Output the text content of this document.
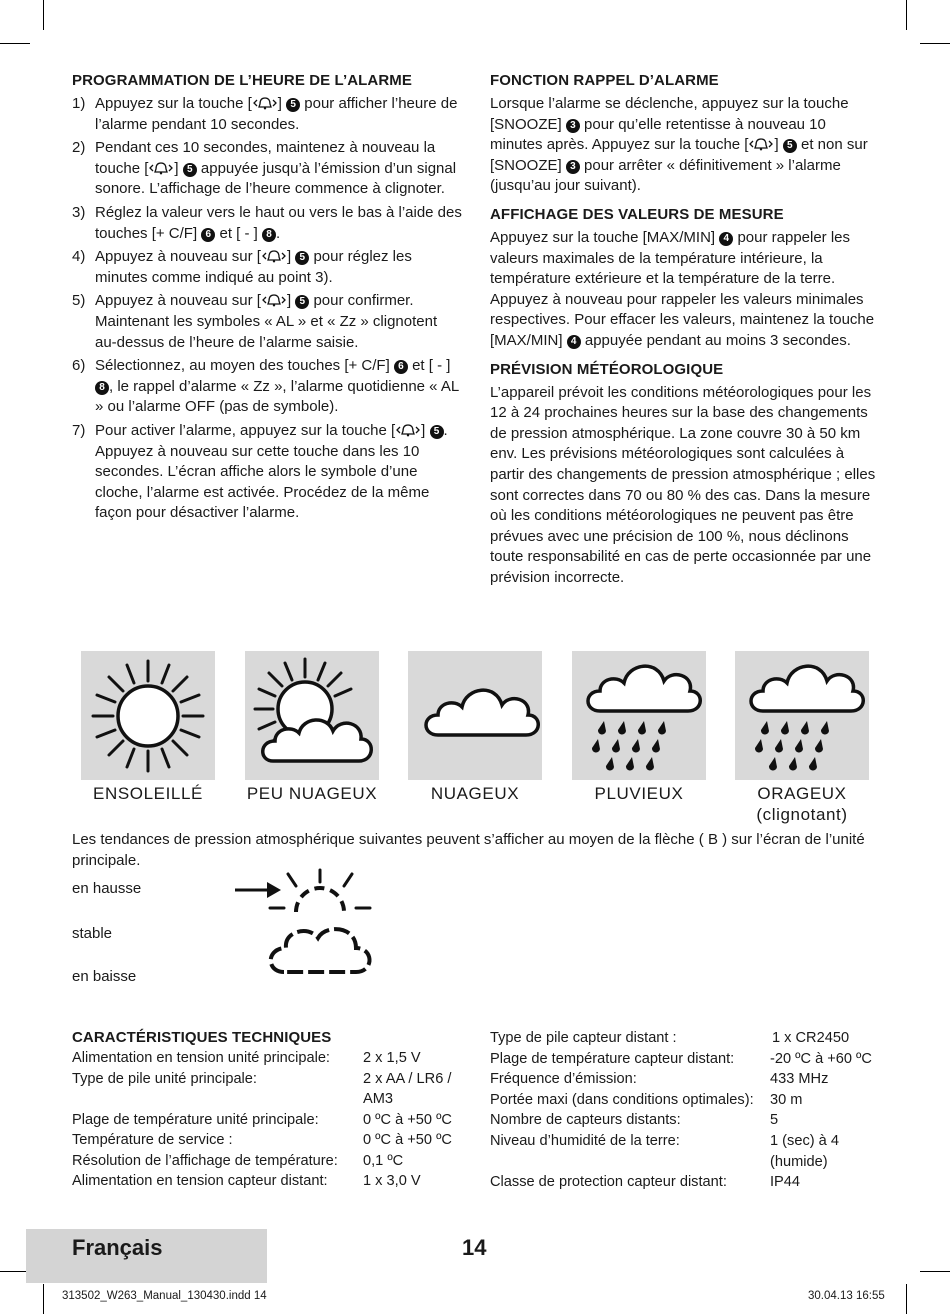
PROGRAMMATION DE L’HEURE DE L’ALARME
1) Appuyez sur la touche [ ] 5 pour afficher l’heure de l’alarme pendant 10 secondes.
2) Pendant ces 10 secondes, maintenez à nouveau la touche [ ] 5 appuyée jusqu’à l’émission d’un signal sonore. L’affichage de l’heure commence à clignoter.
3) Réglez la valeur vers le haut ou vers le bas à l’aide des touches [+ C/F] 6 et [ - ] 8 .
4) Appuyez à nouveau sur [ ] 5 pour réglez les minutes comme indiqué au point 3).
5) Appuyez à nouveau sur [ ] 5 pour confirmer. Maintenant les symboles « AL » et « Zz » clignotent au-dessus de l’heure de l’alarme saisie.
6) Sélectionnez, au moyen des touches [+ C/F] 6 et [ - ] 8 , le rappel d’alarme « Zz », l’alarme quotidienne « AL » ou l’alarme OFF (pas de symbole).
7) Pour activer l’alarme, appuyez sur la touche [ ] 5 . Appuyez à nouveau sur cette touche dans les 10 secondes. L’écran affiche alors le symbole d’une cloche, l’alarme est activée. Procédez de la même façon pour désactiver l’alarme.
FONCTION RAPPEL D’ALARME

Lorsque l’alarme se déclenche, appuyez sur la touche [SNOOZE] 3 pour qu’elle retentisse à nouveau 10 minutes après. Appuyez sur la touche [ ] 5 et non sur [SNOOZE] 3 pour arrêter « définitivement » l’alarme (jusqu’au jour suivant).

AFFICHAGE DES VALEURS DE MESURE

Appuyez sur la touche [MAX/MIN] 4 pour rappeler les valeurs maximales de la température intérieure, la température extérieure et la température de la terre. Appuyez à nouveau pour rappeler les valeurs minimales respectives. Pour effacer les valeurs, maintenez la touche [MAX/MIN] 4 appuyée pendant au moins 3 secondes.

PRÉVISION MÉTÉOROLOGIQUE

L’appareil prévoit les conditions météorologiques pour les 12 à 24 prochaines heures sur la base des changements de pression atmosphérique. La zone couvre 30 à 50 km env. Les prévisions météorologiques sont calculées à partir des changements de pression atmosphérique ; elles sont correctes dans 70 ou 80 % des cas. Dans la mesure où les conditions météorologiques ne peuvent pas être prévues avec une précision de 100 %, nous déclinons toute responsabilité en cas de perte occasionnée par une prévision incorrecte.

ENSOLEILLÉ	PEU NUAGEUX	NUAGEUX	PLUVIEUX	ORAGEUX
(clignotant)
Les tendances de pression atmosphérique suivantes peuvent s’afficher au moyen de la flèche ( B ) sur l’écran de l’unité principale.
en hausse
stable
en baisse
CARACTÉRISTIQUES TECHNIQUES
Alimentation en tension unité principale: 2 x 1,5 V
Type de pile unité principale:	2 x AA / LR6 / AM3
Plage de température unité principale:	0 ºC à +50 ºC
Température de service :	0 ºC à +50 ºC
Résolution de l’affichage de température: 0,1 ºC
Alimentation en tension capteur distant: 1 x 3,0 V
Type de pile capteur distant :	1 x CR2450
Plage de température capteur distant: -20 ºC à +60 ºC
Fréquence d’émission:	433 MHz
Portée maxi (dans conditions optimales): 30 m
Nombre de capteurs distants:	5
Niveau d’humidité de la terre:	1 (sec) à 4 (humide)
Classe de protection capteur distant:	IP44
Français	14
313502_W263_Manual_130430.indd 14	30.04.13 16:55
